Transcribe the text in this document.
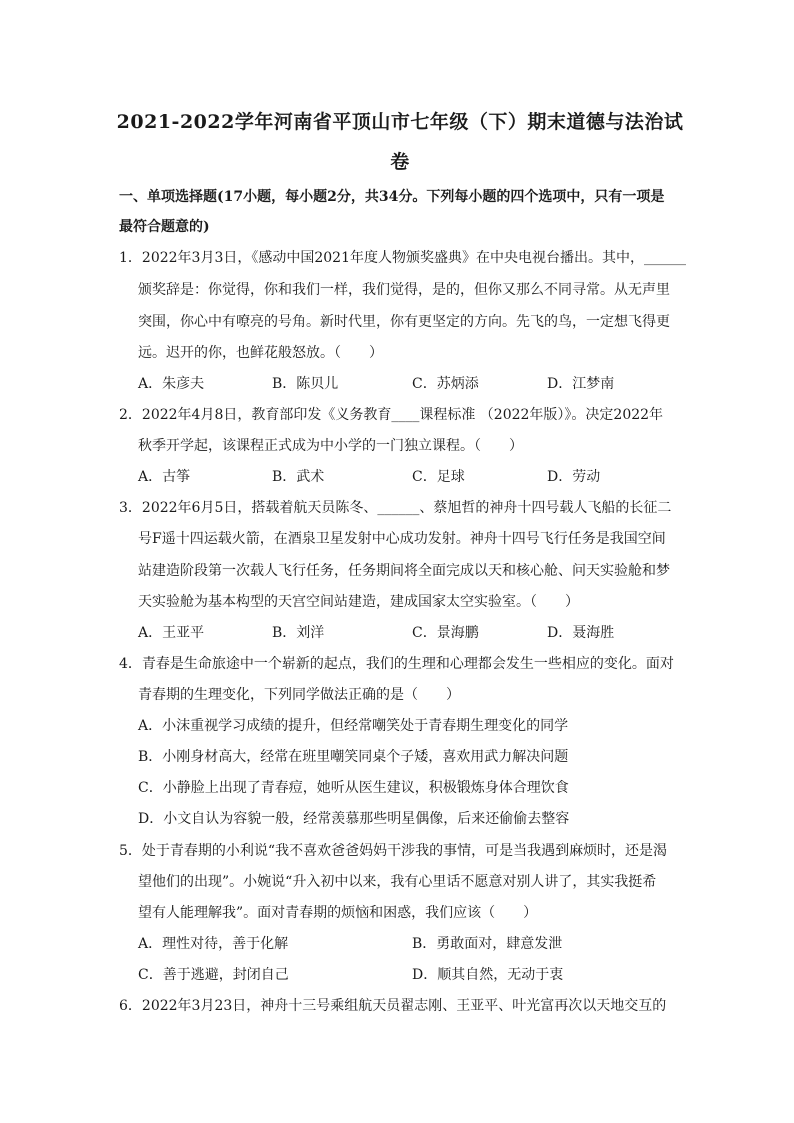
2021-2022学年河南省平顶山市七年级（下）期末道德与法治试
卷
一、单项选择题(17小题，每小题2分，共34分。下列每小题的四个选项中，只有一项是
最符合题意的)
1．2022年3月3日，《感动中国2021年度人物颁奖盛典》在中央电视台播出。其中，______
颁奖辞是：你觉得，你和我们一样，我们觉得，是的，但你又那么不同寻常。从无声里
突围，你心中有嘹亮的号角。新时代里，你有更坚定的方向。先飞的鸟，一定想飞得更
远。迟开的你，也鲜花般怒放。（　　）
A．朱彦夫	B．陈贝儿	C．苏炳添	D．江梦南
2．2022年4月8日，教育部印发《义务教育____课程标准 （2022年版）》。决定2022年
秋季开学起，该课程正式成为中小学的一门独立课程。（　　）
A．古筝	B．武术	C．足球	D．劳动
3．2022年6月5日，搭载着航天员陈冬、______、蔡旭哲的神舟十四号载人飞船的长征二
号F遥十四运载火箭，在酒泉卫星发射中心成功发射。神舟十四号飞行任务是我国空间
站建造阶段第一次载人飞行任务，任务期间将全面完成以天和核心舱、问天实验舱和梦
天实验舱为基本构型的天宫空间站建造，建成国家太空实验室。（　　）
A．王亚平	B．刘洋	C．景海鹏	D．聂海胜
4．青春是生命旅途中一个崭新的起点，我们的生理和心理都会发生一些相应的变化。面对
青春期的生理变化，下列同学做法正确的是（　　）
A．小沫重视学习成绩的提升，但经常嘲笑处于青春期生理变化的同学
B．小刚身材高大，经常在班里嘲笑同桌个子矮，喜欢用武力解决问题
C．小静脸上出现了青春痘，她听从医生建议，积极锻炼身体合理饮食
D．小文自认为容貌一般，经常羡慕那些明星偶像，后来还偷偷去整容
5．处于青春期的小利说“我不喜欢爸爸妈妈干涉我的事情，可是当我遇到麻烦时，还是渴
望他们的出现”。小婉说“升入初中以来，我有心里话不愿意对别人讲了，其实我挺希
望有人能理解我”。面对青春期的烦恼和困惑，我们应该（　　）
A．理性对待，善于化解	B．勇敢面对，肆意发泄
C．善于逃避，封闭自己	D．顺其自然，无动于衷
6．2022年3月23日，神舟十三号乘组航天员翟志刚、王亚平、叶光富再次以天地交互的
